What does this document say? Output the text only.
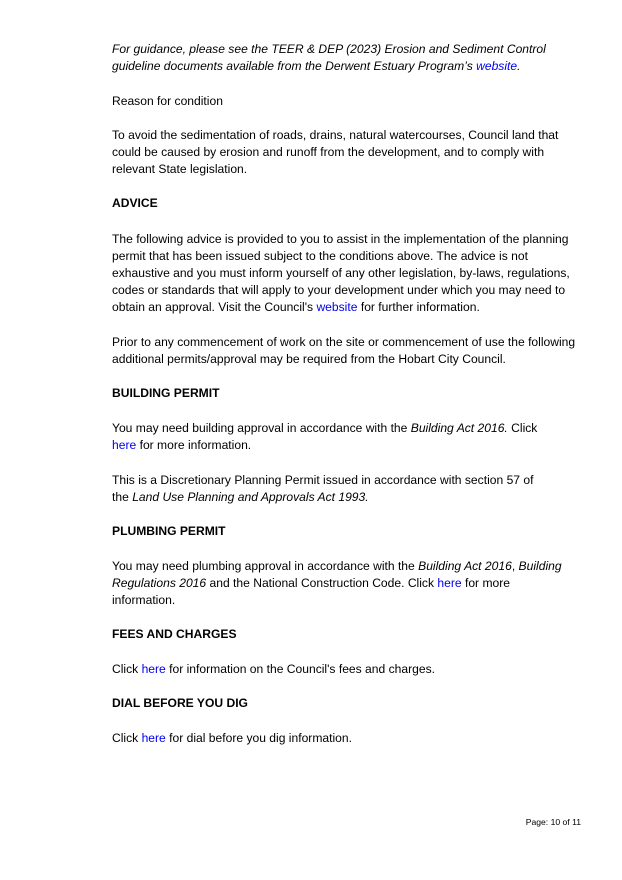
For guidance, please see the TEER & DEP (2023) Erosion and Sediment Control
guideline documents available from the Derwent Estuary Program’s website.
Reason for condition
To avoid the sedimentation of roads, drains, natural watercourses, Council land that
could be caused by erosion and runoff from the development, and to comply with
relevant State legislation.
ADVICE
The following advice is provided to you to assist in the implementation of the planning
permit that has been issued subject to the conditions above. The advice is not
exhaustive and you must inform yourself of any other legislation, by-laws, regulations,
codes or standards that will apply to your development under which you may need to
obtain an approval. Visit the Council's website for further information.
Prior to any commencement of work on the site or commencement of use the following
additional permits/approval may be required from the Hobart City Council.
BUILDING PERMIT
You may need building approval in accordance with the Building Act 2016. Click
here for more information.
This is a Discretionary Planning Permit issued in accordance with section 57 of
the Land Use Planning and Approvals Act 1993.
PLUMBING PERMIT
You may need plumbing approval in accordance with the Building Act 2016, Building
Regulations 2016 and the National Construction Code. Click here for more
information.
FEES AND CHARGES
Click here for information on the Council's fees and charges.
DIAL BEFORE YOU DIG
Click here for dial before you dig information.
Page: 10 of 11
